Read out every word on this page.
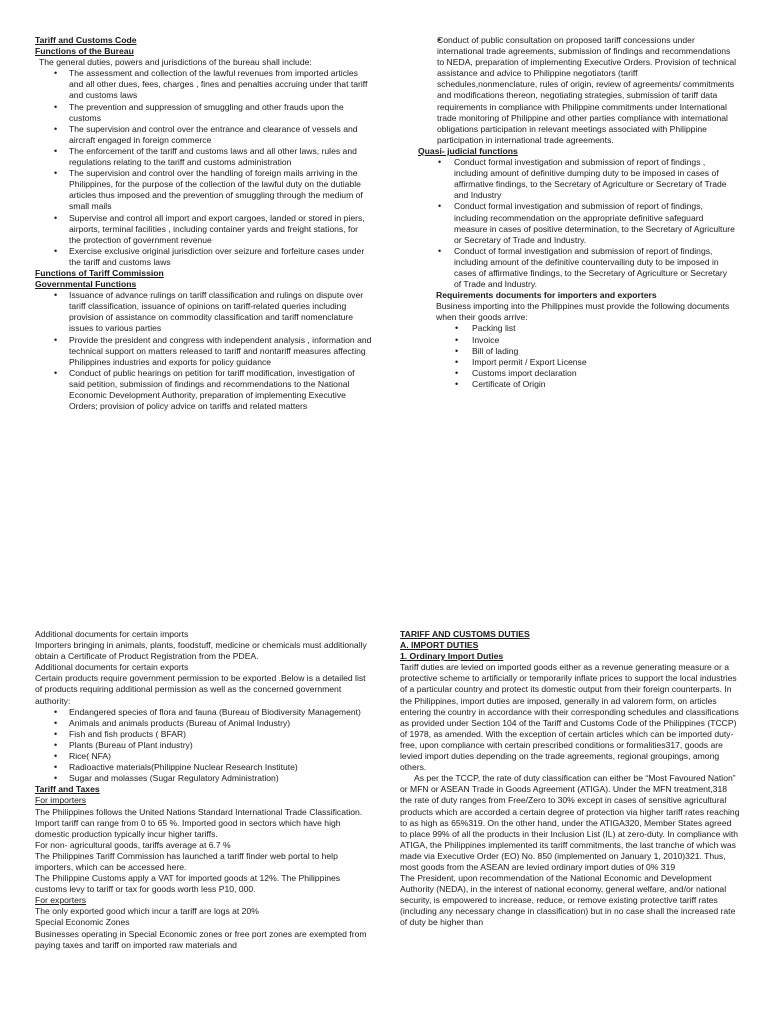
Tariff and Customs Code

Functions of the Bureau

The general duties, powers and jurisdictions of the bureau shall include:

• The assessment and collection of the lawful revenues from imported articles and all other dues, fees, charges , fines and penalties accruing under that tariff and customs laws
• The prevention and suppression of smuggling and other frauds upon the customs
• The supervision and control over the entrance and clearance of vessels and aircraft engaged in foreign commerce
• The enforcement of the tariff and customs laws and all other laws, rules and regulations relating to the tariff and customs administration
• The supervision and control over the handling of foreign mails arriving in the Philippines, for the purpose of the collection of the lawful duty on the dutiable articles thus imposed and the prevention of smuggling through the medium of small mails
• Supervise and control all import and export cargoes, landed or stored in piers, airports, terminal facilities , including container yards and freight stations, for the protection of government revenue
• Exercise exclusive original jurisdiction over seizure and forfeiture cases under the tariff and customs laws

Functions of Tariff Commission

Governmental Functions

• Issuance of advance rulings on tariff classification and rulings on dispute over tariff classification, issuance of opinions on tariff-related queries including provision of assistance on commodity classification and tariff nomenclature issues to various parties
• Provide the president and congress with independent analysis , information and technical support on matters released to tariff and nontariff measures affecting Philippines industries and exports for policy guidance
• Conduct of public hearings on petition for tariff modification, investigation of said petition, submission of findings and recommendations to the National Economic Development Authority, preparation of implementing Executive Orders; provision of policy advice on tariffs and related matters
• Conduct of public consultation on proposed tariff concessions under international trade agreements, submission of findings and recommendations to NEDA, preparation of implementing Executive Orders. Provision of technical assistance and advice to Philippine negotiators (tariff schedules,nonmenclature, rules of origin, review of agreements/ commitments and modifications thereon, negotiating strategies, submission of tariff data requirements in compliance with Philippine commitments under International trade monitoring of Philippine and other parties compliance with international obligations participation in relevant meetings associated with Philippine participation in international trade agreements.

Quasi- judicial functions

• Conduct formal investigation and submission of report of findings , including amount of definitive dumping duty to be imposed in cases of affirmative findings, to the Secretary of Agriculture or Secretary of Trade and Industry
• Conduct formal investigation and submission of report of findings, including recommendation on the appropriate definitive safeguard measure in cases of positive determination, to the Secretary of Agriculture or Secretary of Trade and Industry.
• Conduct of formal investigation and submission of report of findings, including amount of the definitive countervailing duty to be imposed in cases of affirmative findings, to the Secretary of Agriculture or Secretary of Trade and Industry.

Requirements documents for importers and exporters

Business importing into the Philippines must provide the following documents when their goods arrive:

• Packing list
• Invoice
• Bill of lading
• Import permit / Export License
• Customs import declaration
• Certificate of Origin

Additional documents for certain imports

Importers bringing in animals, plants, foodstuff, medicine or chemicals must additionally obtain a Certificate of Product Registration from the PDEA.

Additional documents for certain exports

Certain products require government permission to be exported .Below is a detailed list of products requiring additional permission as well as the concerned government authority:

• Endangered species of flora and fauna (Bureau of Biodiversity Management)
• Animals and animals products (Bureau of Animal Industry)
• Fish and fish products ( BFAR)
• Plants (Bureau of Plant industry)
• Rice( NFA)
• Radioactive materials(Philippine Nuclear Research Institute)
• Sugar and molasses (Sugar Regulatory Administration)

Tariff and Taxes

For importers

The Philippines follows the United Nations Standard International Trade Classification. Import tariff can range from 0 to 65 %. Imported good in sectors which have high domestic production typically incur higher tariffs.

For non- agricultural goods, tariffs average at 6.7 %

The Philippines Tariff Commission has launched a tariff finder web portal to help importers, which can be accessed here.

The Philippine Customs apply a VAT for imported goods at 12%. The Philippines customs levy to tariff or tax for goods worth less P10, 000.

For exporters

The only exported good which incur a tariff are logs at 20%

Special Economic Zones

Businesses operating in Special Economic zones or free port zones are exempted from paying taxes and tariff on imported raw materials and

TARIFF AND CUSTOMS DUTIES

A. IMPORT DUTIES

1. Ordinary Import Duties

Tariff duties are levied on imported goods either as a revenue generating measure or a protective scheme to artificially or temporarily inflate prices to support the local industries of a particular country and protect its domestic output from their foreign counterparts. In the Philippines, import duties are imposed, generally in ad valorem form, on articles entering the country in accordance with their corresponding schedules and classifications as provided under Section 104 of the Tariff and Customs Code of the Philippines (TCCP) of 1978, as amended. With the exception of certain articles which can be imported duty-free, upon compliance with certain prescribed conditions or formalities317, goods are levied import duties depending on the trade agreements, regional groupings, among others.

As per the TCCP, the rate of duty classification can either be “Most Favoured Nation” or MFN or ASEAN Trade in Goods Agreement (ATIGA). Under the MFN treatment,318 the rate of duty ranges from Free/Zero to 30% except in cases of sensitive agricultural products which are accorded a certain degree of protection via higher tariff rates reaching to as high as 65%319. On the other hand, under the ATIGA320, Member States agreed to place 99% of all the products in their Inclusion List (IL) at zero-duty. In compliance with ATIGA, the Philippines implemented its tariff commitments, the last tranche of which was made via Executive Order (EO) No. 850 (implemented on January 1, 2010)321. Thus, most goods from the ASEAN are levied ordinary import duties of 0% 319

The President, upon recommendation of the National Economic and Development Authority (NEDA), in the interest of national economy, general welfare, and/or national security, is empowered to increase, reduce, or remove existing protective tariff rates (including any necessary change in classification) but in no case shall the increased rate of duty be higher than
